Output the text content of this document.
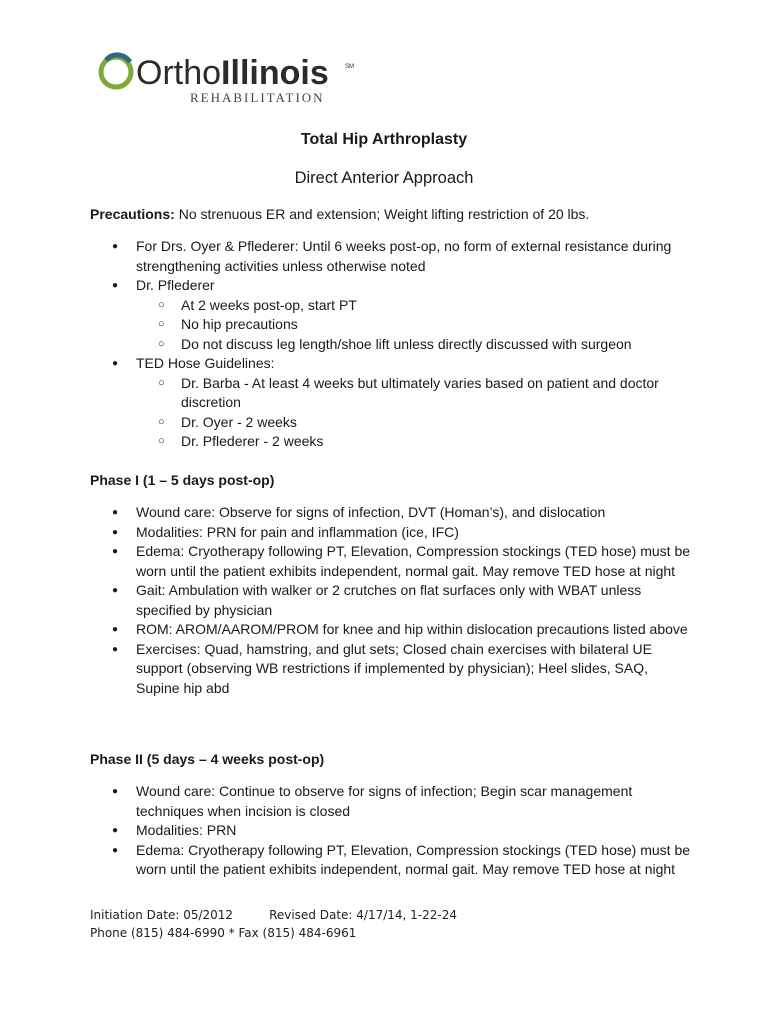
OrthoIllinois	SM
REHABILITATION
Total Hip Arthroplasty
Direct Anterior Approach
Precautions: No strenuous ER and extension; Weight lifting restriction of 20 lbs.
● For Drs. Oyer & Pflederer: Until 6 weeks post-op, no form of external resistance during strengthening activities unless otherwise noted
● Dr. Pflederer
○ At 2 weeks post-op, start PT
○ No hip precautions
○ Do not discuss leg length/shoe lift unless directly discussed with surgeon
● TED Hose Guidelines:
○ Dr. Barba - At least 4 weeks but ultimately varies based on patient and doctor discretion
○ Dr. Oyer - 2 weeks
○ Dr. Pflederer - 2 weeks
Phase I (1 – 5 days post-op)
● Wound care: Observe for signs of infection, DVT (Homan’s), and dislocation
● Modalities: PRN for pain and inflammation (ice, IFC)
● Edema: Cryotherapy following PT, Elevation, Compression stockings (TED hose) must be worn until the patient exhibits independent, normal gait. May remove TED hose at night
● Gait: Ambulation with walker or 2 crutches on flat surfaces only with WBAT unless specified by physician
● ROM: AROM/AAROM/PROM for knee and hip within dislocation precautions listed above
● Exercises: Quad, hamstring, and glut sets; Closed chain exercises with bilateral UE support (observing WB restrictions if implemented by physician); Heel slides, SAQ, Supine hip abd
Phase II (5 days – 4 weeks post-op)
● Wound care: Continue to observe for signs of infection; Begin scar management techniques when incision is closed
● Modalities: PRN
● Edema: Cryotherapy following PT, Elevation, Compression stockings (TED hose) must be worn until the patient exhibits independent, normal gait. May remove TED hose at night
Initiation Date: 05/2012	Revised Date: 4/17/14, 1-22-24
Phone (815) 484-6990 * Fax (815) 484-6961
